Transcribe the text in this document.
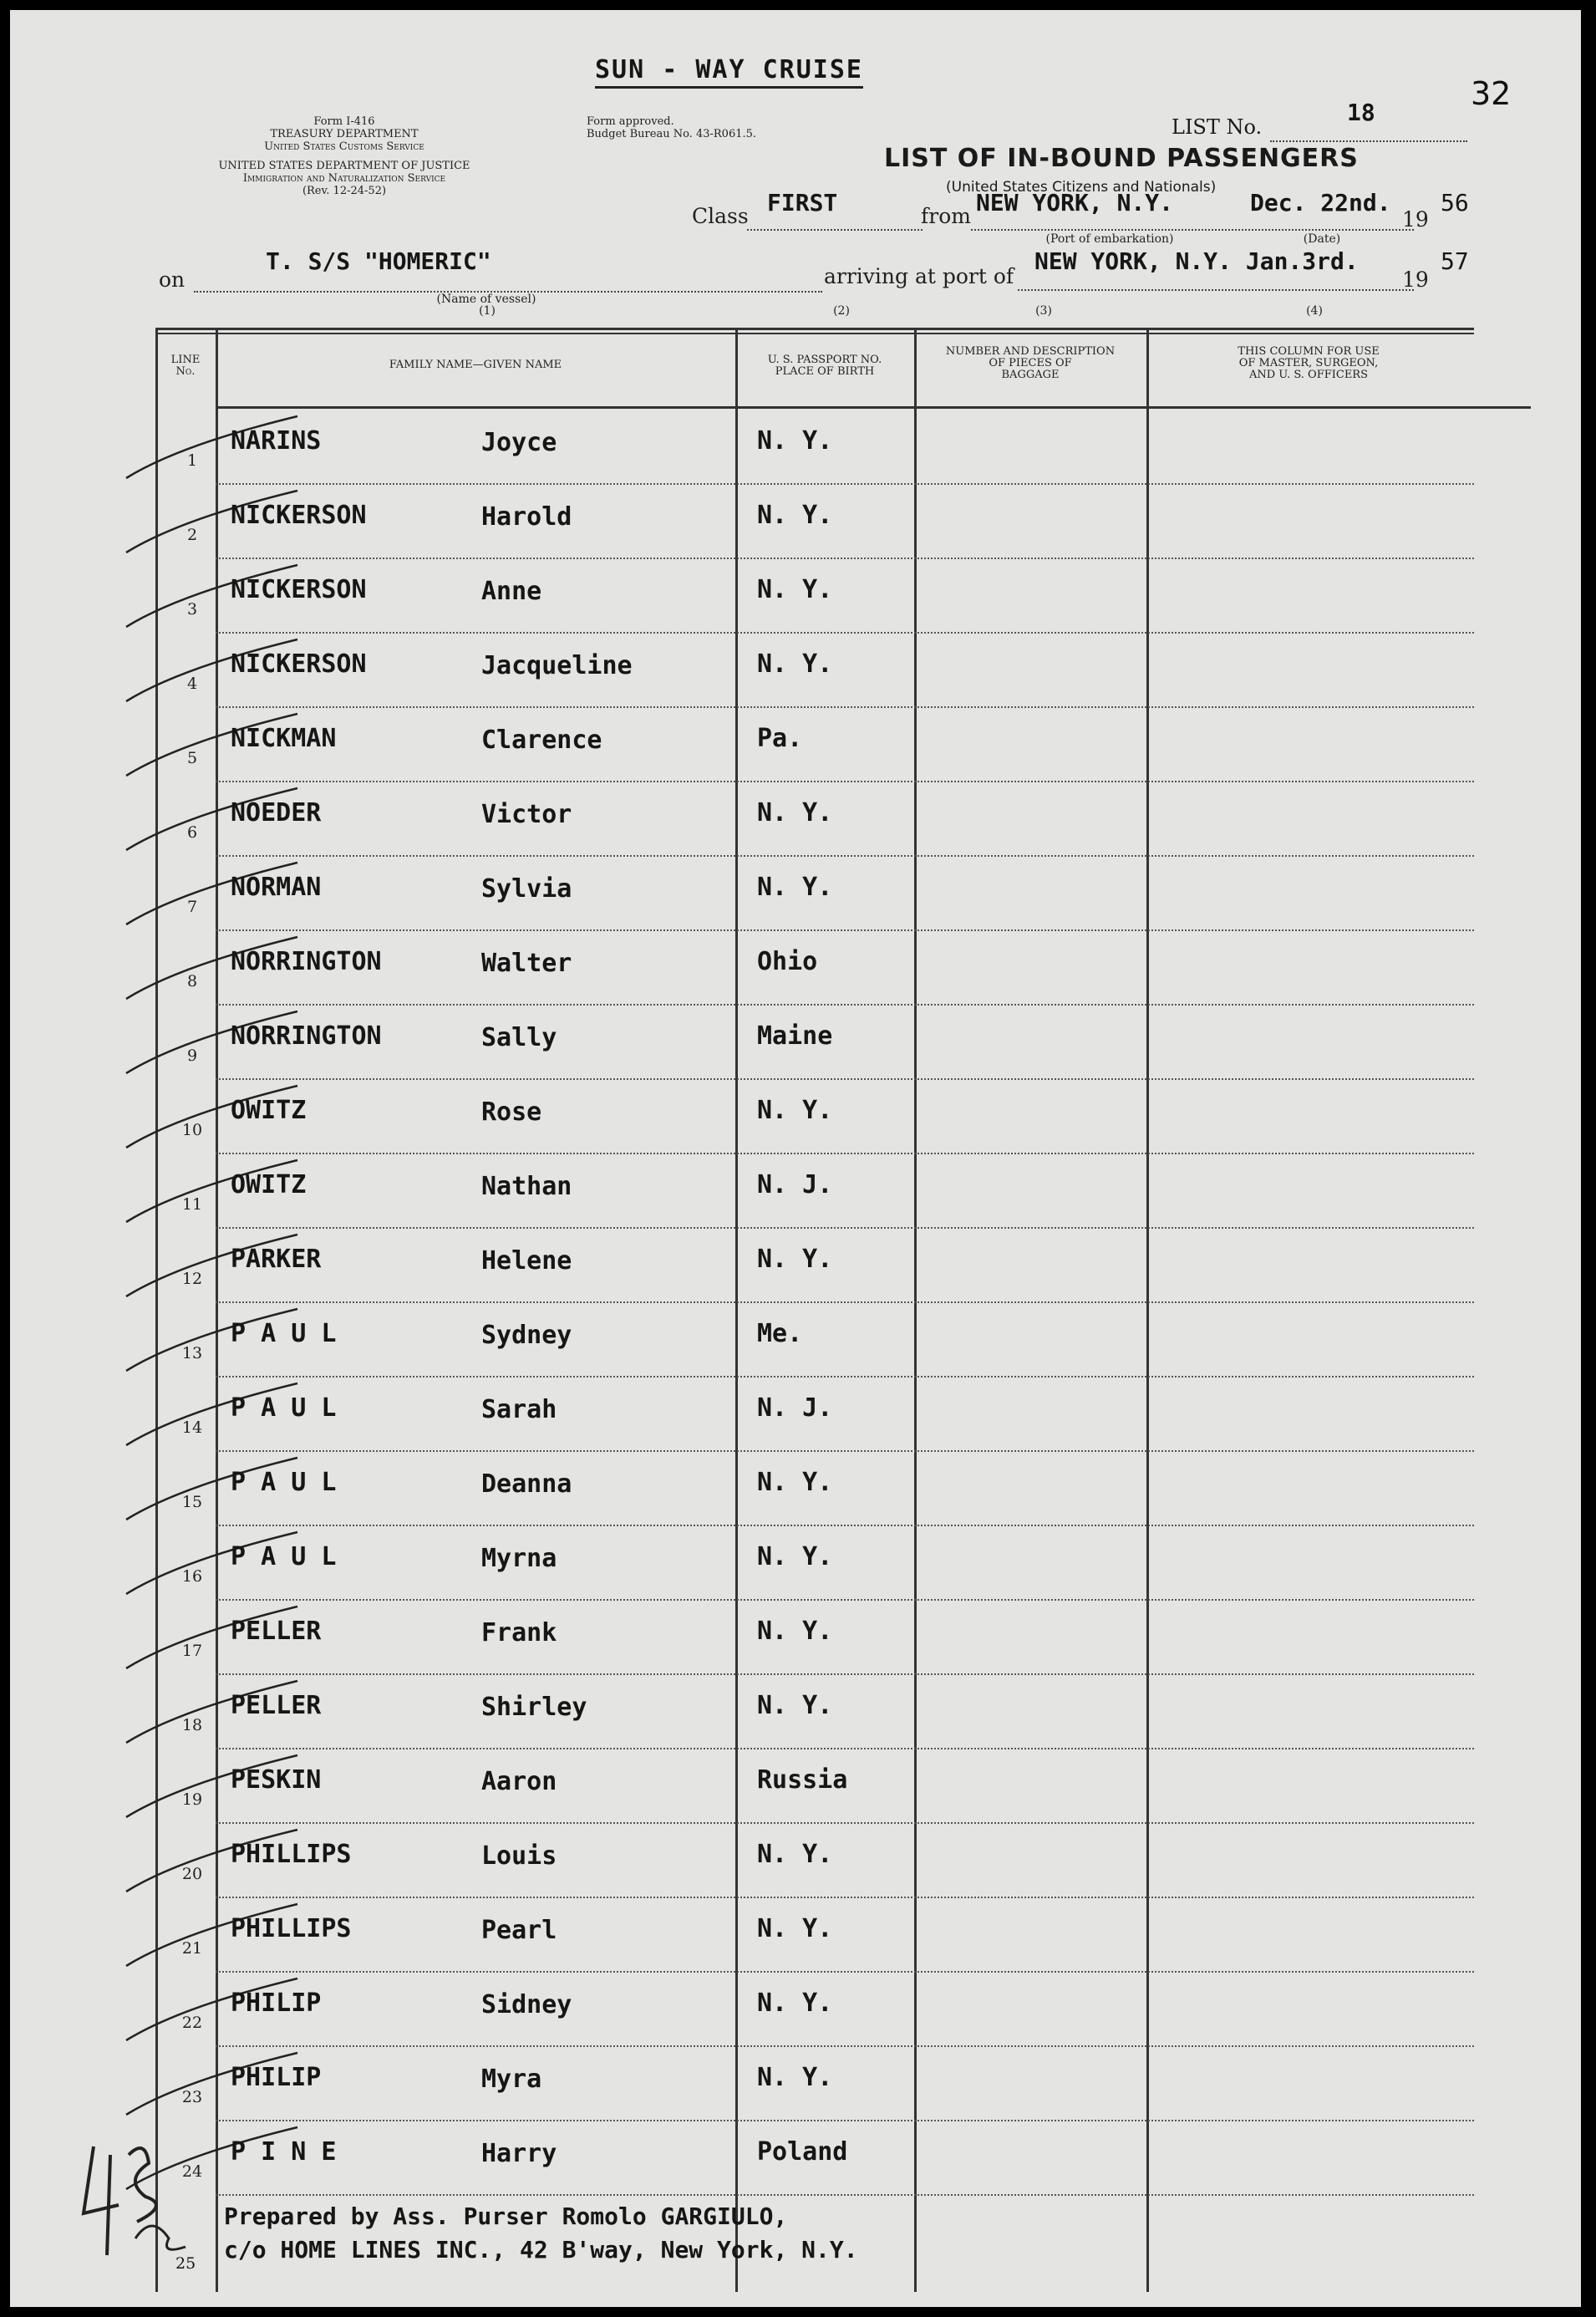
32
SUN - WAY CRUISE
Form I-416
TREASURY DEPARTMENT
United States Customs Service
UNITED STATES DEPARTMENT OF JUSTICE
Immigration and Naturalization Service
(Rev. 12-24-52)
Form approved.
Budget Bureau No. 43-R061.5.	LIST No.
18
LIST OF IN-BOUND PASSENGERS
(United States Citizens and Nationals)
Class FIRST	from NEW YORK, N.Y.	Dec. 22nd.
19
56
(Port of embarkation)	(Date)
on
T. S/S "HOMERIC"
(Name of vessel)
(1)	(2)	(3)	(4)
arriving at port of
NEW YORK, N.Y. Jan.3rd.
19
57
LINE
No.
FAMILY NAME—GIVEN NAME	U. S. PASSPORT NO.
PLACE OF BIRTH
NUMBER AND DESCRIPTION
OF PIECES OF
BAGGAGE
THIS COLUMN FOR USE
OF MASTER, SURGEON,
AND U. S. OFFICERS
1
NARINS	Joyce	N. Y.
2
NICKERSON	Harold	N. Y.
3
NICKERSON	Anne	N. Y.
4
NICKERSON	Jacqueline	N. Y.
5
NICKMAN	Clarence	Pa.
6
NOEDER	Victor	N. Y.
7
NORMAN	Sylvia	N. Y.
8
NORRINGTON	Walter	Ohio
9
NORRINGTON	Sally	Maine
10
OWITZ	Rose	N. Y.
11
OWITZ	Nathan	N. J.
12
PARKER	Helene	N. Y.
13
P A U L	Sydney	Me.
14
P A U L	Sarah	N. J.
15
P A U L	Deanna	N. Y.
16
P A U L	Myrna	N. Y.
17
PELLER	Frank	N. Y.
18
PELLER	Shirley	N. Y.
19
PESKIN	Aaron	Russia
20
PHILLIPS	Louis	N. Y.
21
PHILLIPS	Pearl	N. Y.
22
PHILIP	Sidney	N. Y.
23
PHILIP	Myra	N. Y.
24
P I N E	Harry	Poland
Prepared by Ass. Purser Romolo GARGIULO,
c/o HOME LINES INC., 42 B'way, New York, N.Y.
25
